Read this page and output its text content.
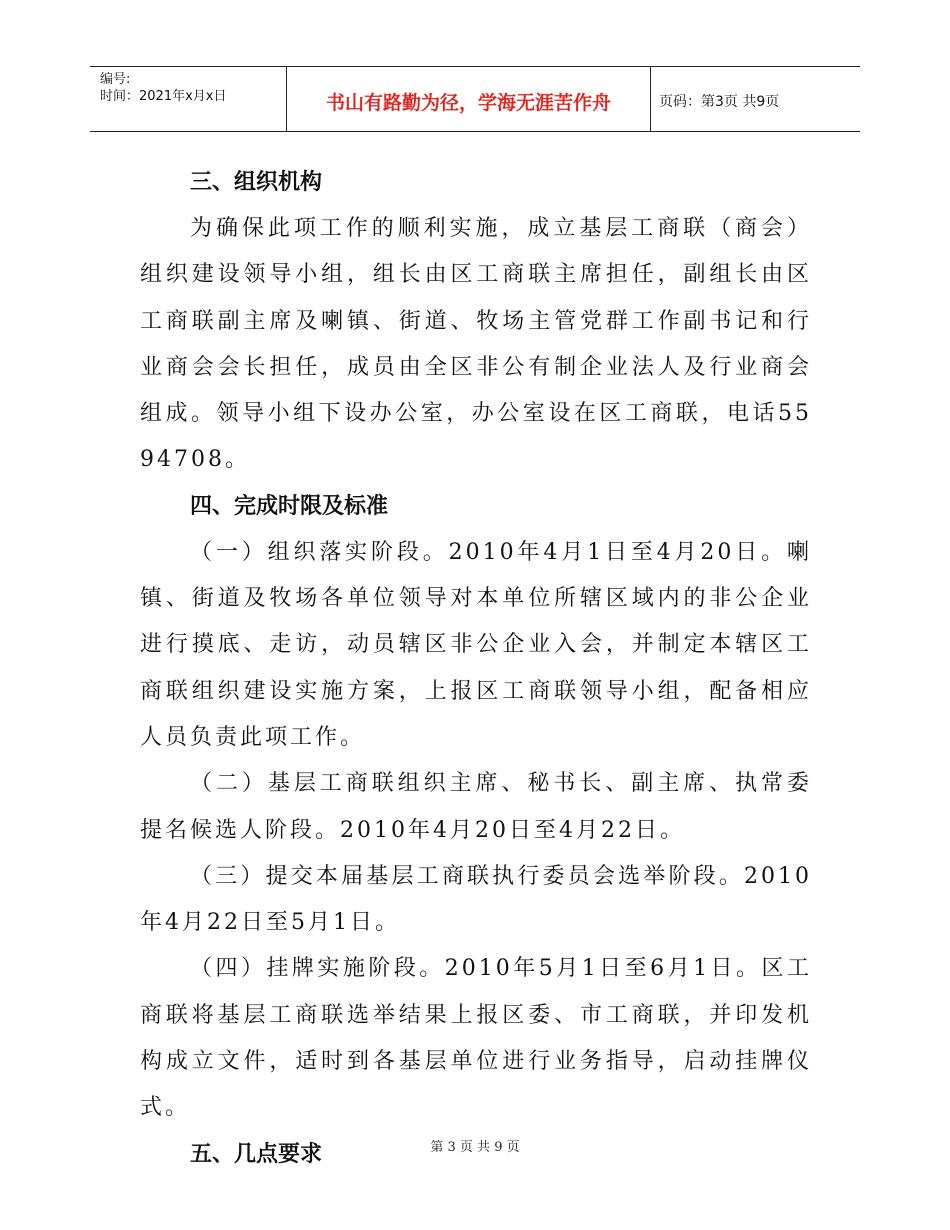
编号:
时间：2021年x月x日	书山有路勤为径，学海无涯苦作舟	页码：第3页 共9页
三、组织机构

为确保此项工作的顺利实施，成立基层工商联（商会）组织建设领导小组，组长由区工商联主席担任，副组长由区工商联副主席及喇镇、街道、牧场主管党群工作副书记和行业商会会长担任，成员由全区非公有制企业法人及行业商会组成。领导小组下设办公室，办公室设在区工商联，电话5594708。

四、完成时限及标准

（一）组织落实阶段。2010年4月1日至4月20日。喇镇、街道及牧场各单位领导对本单位所辖区域内的非公企业进行摸底、走访，动员辖区非公企业入会，并制定本辖区工商联组织建设实施方案，上报区工商联领导小组，配备相应人员负责此项工作。

（二）基层工商联组织主席、秘书长、副主席、执常委提名候选人阶段。2010年4月20日至4月22日。

（三）提交本届基层工商联执行委员会选举阶段。2010年4月22日至5月1日。

（四）挂牌实施阶段。2010年5月1日至6月1日。区工商联将基层工商联选举结果上报区委、市工商联，并印发机构成立文件，适时到各基层单位进行业务指导，启动挂牌仪式。

五、几点要求	第 3 页 共 9 页
